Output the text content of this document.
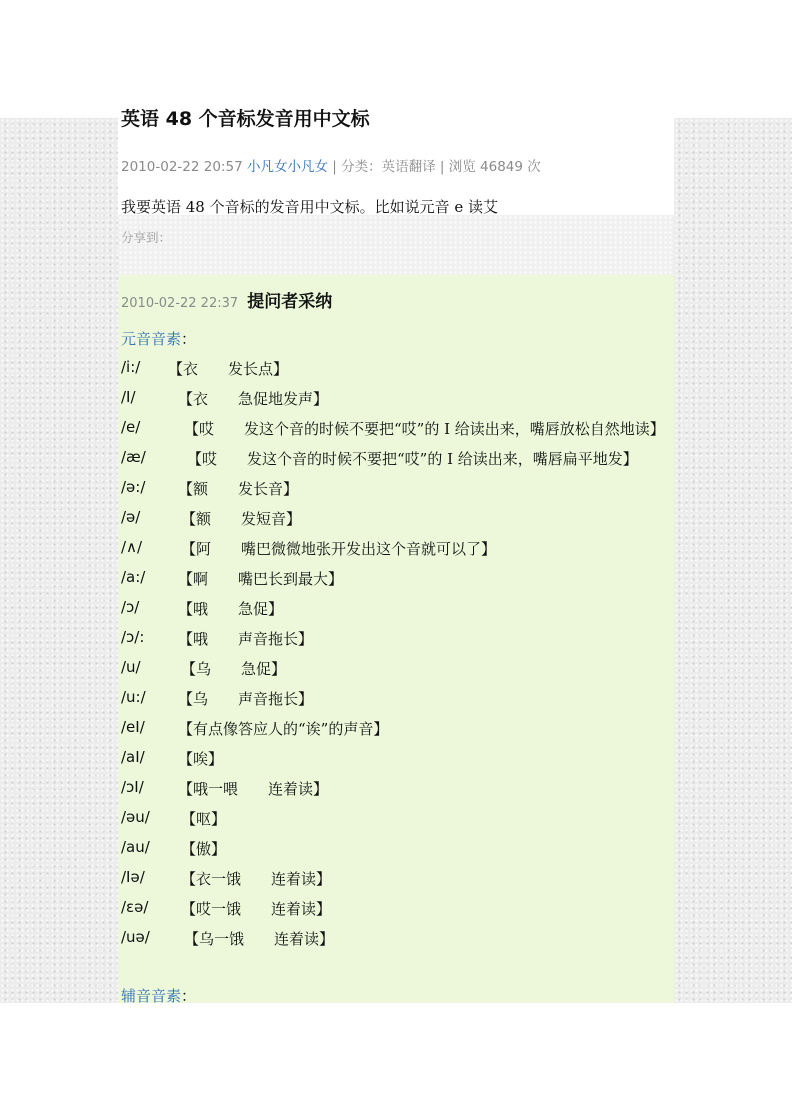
英语 48 个音标发音用中文标
2010-02-22 20:57 小凡女小凡女 | 分类：英语翻译 | 浏览 46849 次
我要英语 48 个音标的发音用中文标。比如说元音 e 读艾
分享到：
2010-02-22 22:37 提问者采纳
元音音素：
/i:/ 【衣　　发长点】
/I/	【衣　　急促地发声】
/e/	【哎　　发这个音的时候不要把“哎”的 I 给读出来，嘴唇放松自然地读】
/æ/	【哎　　发这个音的时候不要把“哎”的 I 给读出来，嘴唇扁平地发】
/ə:/ 【额　　发长音】
/ə/	【额　　发短音】
/∧/	【阿　　嘴巴微微地张开发出这个音就可以了】
/a:/ 【啊　　嘴巴长到最大】
/ɔ/	【哦　　急促】
/ɔ/: 【哦　　声音拖长】
/u/	【乌　　急促】
/u:/ 【乌　　声音拖长】
/eI/ 【有点像答应人的“诶”的声音】
/aI/ 【唉】
/ɔI/ 【哦一喂　　连着读】
/əu/ 【呕】
/au/ 【傲】
/Iə/ 【衣一饿　　连着读】
/εə/ 【哎一饿　　连着读】
/uə/ 【乌一饿　　连着读】
辅音音素：
